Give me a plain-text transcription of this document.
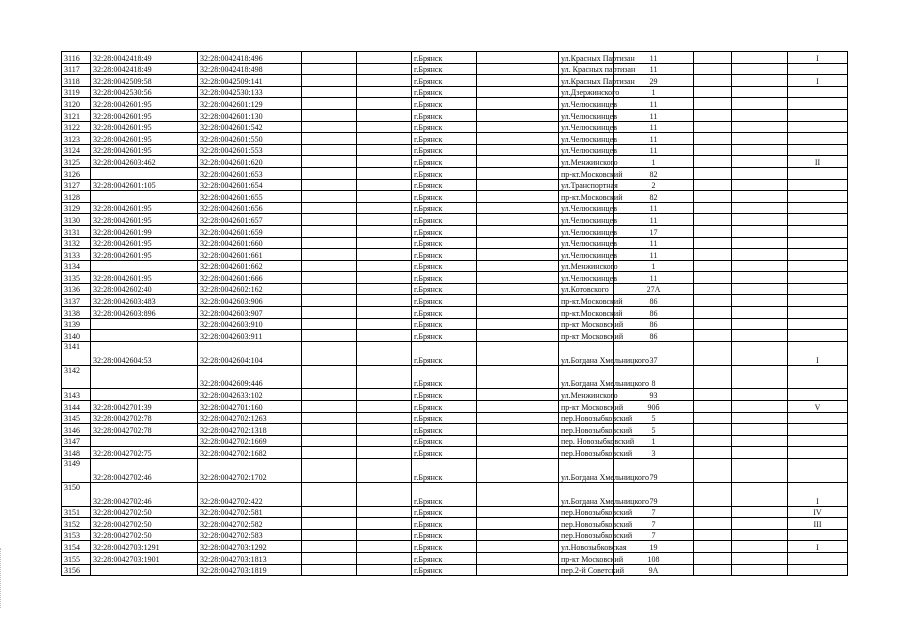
3116	32:28:0042418:49	32:28:0042418:496			г.Брянск		ул.Красных Партизан	11			I
3117	32:28:0042418:49	32:28:0042418:498			г.Брянск		ул. Красных партизан	11			
3118	32:28:0042509:58	32:28:0042509:141			г.Брянск		ул.Красных Партизан	29			I
3119	32:28:0042530:56	32:28:0042530:133			г.Брянск		ул.Дзержинского	1			
3120	32:28:0042601:95	32:28:0042601:129			г.Брянск		ул.Челюскинцев	11			
3121	32:28:0042601:95	32:28:0042601:130			г.Брянск		ул.Челюскинцев	11			
3122	32:28:0042601:95	32:28:0042601:542			г.Брянск		ул.Челюскинцев	11			
3123	32:28:0042601:95	32:28:0042601:550			г.Брянск		ул.Челюскинцев	11			
3124	32:28:0042601:95	32:28:0042601:553			г.Брянск		ул.Челюскинцев	11			
3125	32:28:0042603:462	32:28:0042601:620			г.Брянск		ул.Менжинского	1			II
3126		32:28:0042601:653			г.Брянск		пр-кт.Московский	82			
3127	32:28:0042601:105	32:28:0042601:654			г.Брянск		ул.Транспортная	2			
3128		32:28:0042601:655			г.Брянск		пр-кт.Московский	82			
3129	32:28:0042601:95	32:28:0042601:656			г.Брянск		ул.Челюскинцев	11			
3130	32:28:0042601:95	32:28:0042601:657			г.Брянск		ул.Челюскинцев	11			
3131	32:28:0042601:99	32:28:0042601:659			г.Брянск		ул.Челюскинцев	17			
3132	32:28:0042601:95	32:28:0042601:660			г.Брянск		ул.Челюскинцев	11			
3133	32:28:0042601:95	32:28:0042601:661			г.Брянск		ул.Челюскинцев	11			
3134		32:28:0042601:662			г.Брянск		ул.Менжинского	1			
3135	32:28:0042601:95	32:28:0042601:666			г.Брянск		ул.Челюскинцев	11			
3136	32:28:0042602:40	32:28:0042602:162			г.Брянск		ул.Котовского	27А			
3137	32:28:0042603:483	32:28:0042603:906			г.Брянск		пр-кт.Московский	86			
3138	32:28:0042603:896	32:28:0042603:907			г.Брянск		пр-кт.Московский	86			
3139		32:28:0042603:910			г.Брянск		пр-кт Московский	86			
3140		32:28:0042603:911			г.Брянск		пр-кт Московский	86			
3141	32:28:0042604:53	32:28:0042604:104			г.Брянск		ул.Богдана Хмельницкого	37			I
3142		32:28:0042609:446			г.Брянск		ул.Богдана Хмельницкого	8			
3143		32:28:0042633:102			г.Брянск		ул.Менжинского	9З			
3144	32:28:0042701:39	32:28:0042701:160			г.Брянск		пр-кт Московский	90б			V
3145	32:28:0042702:78	32:28:0042702:1263			г.Брянск		пер.Новозыбковский	5			
3146	32:28:0042702:78	32:28:0042702:1318			г.Брянск		пер.Новозыбковский	5			
3147		32:28:0042702:1669			г.Брянск		пер. Новозыбковский	1			
3148	32:28:0042702:75	32:28:0042702:1682			г.Брянск		пер.Новозыбковский	3			
3149	32:28:0042702:46	32:28:0042702:1702			г.Брянск		ул.Богдана Хмельницкого	79			
3150	32:28:0042702:46	32:28:0042702:422			г.Брянск		ул.Богдана Хмельницкого	79			I
3151	32:28:0042702:50	32:28:0042702:581			г.Брянск		пер.Новозыбковский	7			IV
3152	32:28:0042702:50	32:28:0042702:582			г.Брянск		пер.Новозыбковский	7			III
3153	32:28:0042702:50	32:28:0042702:583			г.Брянск		пер.Новозыбковский	7			
3154	32:28:0042703:1291	32:28:0042703:1292			г.Брянск		ул.Новозыбковская	19			I
3155	32:28:0042703:1901	32:28:0042703:1813			г.Брянск		пр-кт Московский	108			
3156		32:28:0042703:1819			г.Брянск		пер.2-й Советский	9А			
